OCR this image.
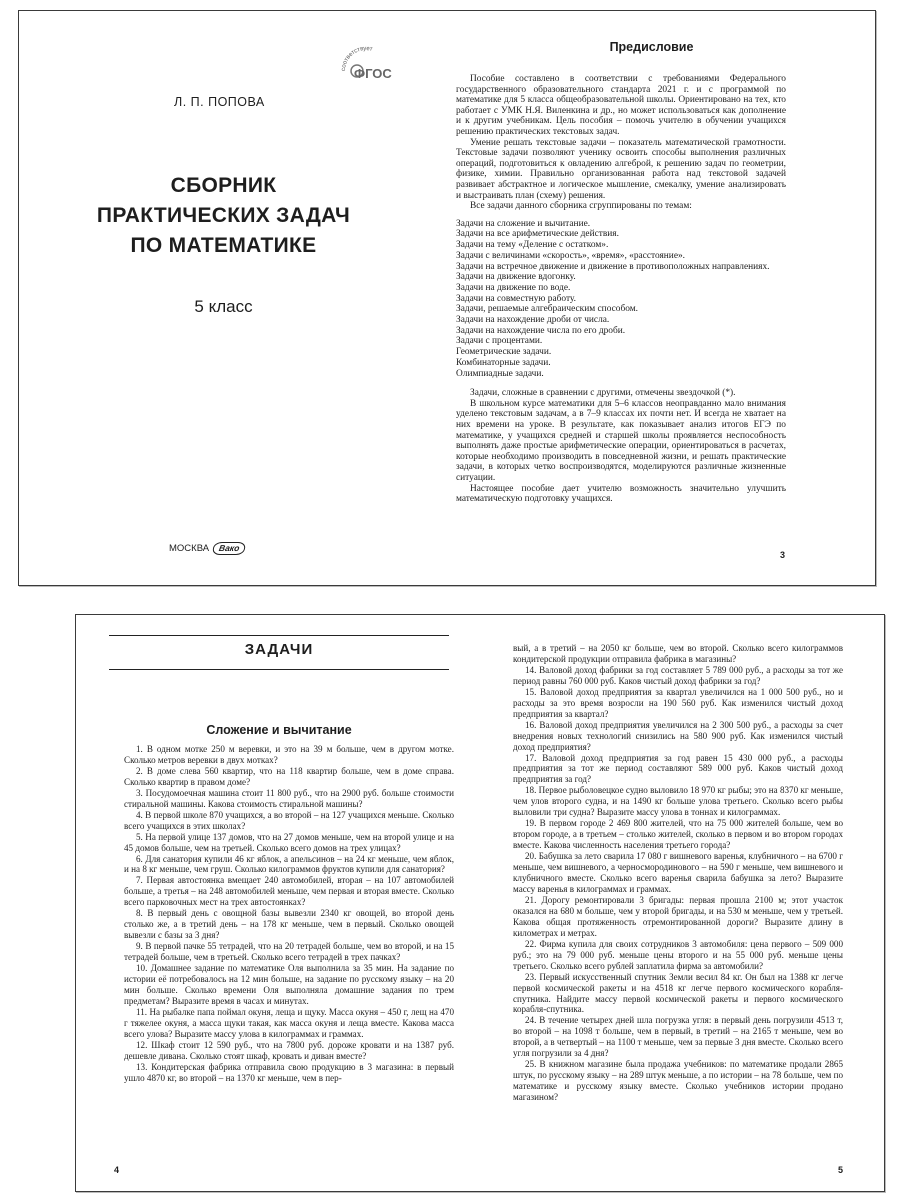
соответствует
ФГОС
Л. П. ПОПОВА
СБОРНИК
ПРАКТИЧЕСКИХ ЗАДАЧ
ПО МАТЕМАТИКЕ
5 класс
МОСКВА	Вако
Предисловие

Пособие составлено в соответствии с требованиями Федерального государственного образовательного стандарта 2021 г. и с программой по математике для 5 класса общеобразовательной школы. Ориентировано на тех, кто работает с УМК Н.Я. Виленкина и др., но может использоваться как дополнение и к другим учебникам. Цель пособия – помочь учителю в обучении учащихся решению практических текстовых задач.

Умение решать текстовые задачи – показатель математической грамотности. Текстовые задачи позволяют ученику освоить способы выполнения различных операций, подготовиться к овладению алгеброй, к решению задач по геометрии, физике, химии. Правильно организованная работа над текстовой задачей развивает абстрактное и логическое мышление, смекалку, умение анализировать и выстраивать план (схему) решения.

Все задачи данного сборника сгруппированы по темам:

Задачи на сложение и вычитание.
Задачи на все арифметические действия.
Задачи на тему «Деление с остатком».
Задачи с величинами «скорость», «время», «расстояние».
Задачи на встречное движение и движение в противоположных направлениях.
Задачи на движение вдогонку.
Задачи на движение по воде.
Задачи на совместную работу.
Задачи, решаемые алгебраическим способом.
Задачи на нахождение дроби от числа.
Задачи на нахождение числа по его дроби.
Задачи с процентами.
Геометрические задачи.
Комбинаторные задачи.
Олимпиадные задачи.

Задачи, сложные в сравнении с другими, отмечены звездочкой (*).

В школьном курсе математики для 5–6 классов неоправданно мало внимания уделено текстовым задачам, а в 7–9 классах их почти нет. И всегда не хватает на них времени на уроке. В результате, как показывает анализ итогов ЕГЭ по математике, у учащихся средней и старшей школы проявляется неспособность выполнять даже простые арифметические операции, ориентироваться в расчетах, которые необходимо производить в повседневной жизни, и решать практические задачи, в которых четко воспроизводятся, моделируются различные жизненные ситуации.

Настоящее пособие дает учителю возможность значительно улучшить математическую подготовку учащихся.

3
ЗАДАЧИ
Сложение и вычитание

1. В одном мотке 250 м веревки, и это на 39 м больше, чем в другом мотке. Сколько метров веревки в двух мотках?

2. В доме слева 560 квартир, что на 118 квартир больше, чем в доме справа. Сколько квартир в правом доме?

3. Посудомоечная машина стоит 11 800 руб., что на 2900 руб. больше стоимости стиральной машины. Какова стоимость стиральной машины?

4. В первой школе 870 учащихся, а во второй – на 127 учащихся меньше. Сколько всего учащихся в этих школах?

5. На первой улице 137 домов, что на 27 домов меньше, чем на второй улице и на 45 домов больше, чем на третьей. Сколько всего домов на трех улицах?

6. Для санатория купили 46 кг яблок, а апельсинов – на 24 кг меньше, чем яблок, и на 8 кг меньше, чем груш. Сколько килограммов фруктов купили для санатория?

7. Первая автостоянка вмещает 240 автомобилей, вторая – на 107 автомобилей больше, а третья – на 248 автомобилей меньше, чем первая и вторая вместе. Сколько всего парковочных мест на трех автостоянках?

8. В первый день с овощной базы вывезли 2340 кг овощей, во второй день столько же, а в третий день – на 178 кг меньше, чем в первый. Сколько овощей вывезли с базы за 3 дня?

9. В первой пачке 55 тетрадей, что на 20 тетрадей больше, чем во второй, и на 15 тетрадей больше, чем в третьей. Сколько всего тетрадей в трех пачках?

10. Домашнее задание по математике Оля выполнила за 35 мин. На задание по истории её потребовалось на 12 мин больше, на задание по русскому языку – на 20 мин больше. Сколько времени Оля выполняла домашние задания по трем предметам? Выразите время в часах и минутах.

11. На рыбалке папа поймал окуня, леща и щуку. Масса окуня – 450 г, лещ на 470 г тяжелее окуня, а масса щуки такая, как масса окуня и леща вместе. Какова масса всего улова? Выразите массу улова в килограммах и граммах.

12. Шкаф стоит 12 590 руб., что на 7800 руб. дороже кровати и на 1387 руб. дешевле дивана. Сколько стоят шкаф, кровать и диван вместе?

13. Кондитерская фабрика отправила свою продукцию в 3 магазина: в первый ушло 4870 кг, во второй – на 1370 кг меньше, чем в пер-

вый, а в третий – на 2050 кг больше, чем во второй. Сколько всего килограммов кондитерской продукции отправила фабрика в магазины?

14. Валовой доход фабрики за год составляет 5 789 000 руб., а расходы за тот же период равны 760 000 руб. Каков чистый доход фабрики за год?

15. Валовой доход предприятия за квартал увеличился на 1 000 500 руб., но и расходы за это время возросли на 190 560 руб. Как изменился чистый доход предприятия за квартал?

16. Валовой доход предприятия увеличился на 2 300 500 руб., а расходы за счет внедрения новых технологий снизились на 580 900 руб. Как изменился чистый доход предприятия?

17. Валовой доход предприятия за год равен 15 430 000 руб., а расходы предприятия за тот же период составляют 589 000 руб. Каков чистый доход предприятия за год?

18. Первое рыболовецкое судно выловило 18 970 кг рыбы; это на 8370 кг меньше, чем улов второго судна, и на 1490 кг больше улова третьего. Сколько всего рыбы выловили три судна? Выразите массу улова в тоннах и килограммах.

19. В первом городе 2 469 800 жителей, что на 75 000 жителей больше, чем во втором городе, а в третьем – столько жителей, сколько в первом и во втором городах вместе. Какова численность населения третьего города?

20. Бабушка за лето сварила 17 080 г вишневого варенья, клубничного – на 6700 г меньше, чем вишневого, а черносмородинового – на 590 г меньше, чем вишневого и клубничного вместе. Сколько всего варенья сварила бабушка за лето? Выразите массу варенья в килограммах и граммах.

21. Дорогу ремонтировали 3 бригады: первая прошла 2100 м; этот участок оказался на 680 м больше, чем у второй бригады, и на 530 м меньше, чем у третьей. Какова общая протяженность отремонтированной дороги? Выразите длину в километрах и метрах.

22. Фирма купила для своих сотрудников 3 автомобиля: цена первого – 509 000 руб.; это на 79 000 руб. меньше цены второго и на 55 000 руб. меньше цены третьего. Сколько всего рублей заплатила фирма за автомобили?

23. Первый искусственный спутник Земли весил 84 кг. Он был на 1388 кг легче первой космической ракеты и на 4518 кг легче первого космического корабля-спутника. Найдите массу первой космической ракеты и первого космического корабля-спутника.

24. В течение четырех дней шла погрузка угля: в первый день погрузили 4513 т, во второй – на 1098 т больше, чем в первый, в третий – на 2165 т меньше, чем во второй, а в четвертый – на 1100 т меньше, чем за первые 3 дня вместе. Сколько всего угля погрузили за 4 дня?

25. В книжном магазине была продажа учебников: по математике продали 2865 штук, по русскому языку – на 289 штук меньше, а по истории – на 78 больше, чем по математике и русскому языку вместе. Сколько учебников истории продано магазином?

4	5
